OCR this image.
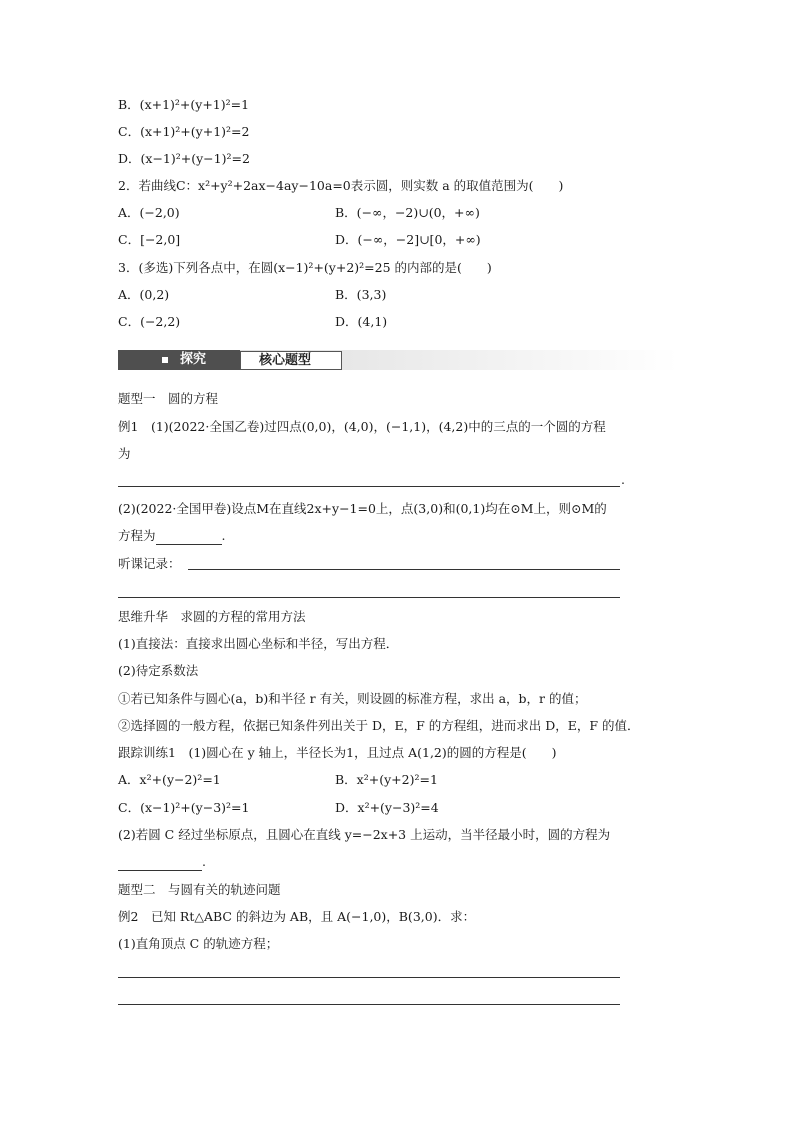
B．(x+1)²+(y+1)²=1
C．(x+1)²+(y+1)²=2
D．(x−1)²+(y−1)²=2
2．若曲线C：x²+y²+2ax−4ay−10a=0表示圆，则实数 a 的取值范围为(　　)
A．(−2,0)	B．(−∞，−2)∪(0，+∞)
C．[−2,0]	D．(−∞，−2]∪[0，+∞)
3．(多选)下列各点中，在圆(x−1)²+(y+2)²=25 的内部的是(　　)
A．(0,2)	B．(3,3)
C．(−2,2)	D．(4,1)
探究	核心题型
题型一　圆的方程
例1　(1)(2022·全国乙卷)过四点(0,0)，(4,0)，(−1,1)，(4,2)中的三点的一个圆的方程
为
.
(2)(2022·全国甲卷)设点M在直线2x+y−1=0上，点(3,0)和(0,1)均在⊙M上，则⊙M的
方程为	.
听课记录：
思维升华　求圆的方程的常用方法
(1)直接法：直接求出圆心坐标和半径，写出方程．
(2)待定系数法
①若已知条件与圆心(a，b)和半径 r 有关，则设圆的标准方程，求出 a，b，r 的值；
②选择圆的一般方程，依据已知条件列出关于 D，E，F 的方程组，进而求出 D，E，F 的值．
跟踪训练1　(1)圆心在 y 轴上，半径长为1，且过点 A(1,2)的圆的方程是(　　)
A．x²+(y−2)²=1	B．x²+(y+2)²=1
C．(x−1)²+(y−3)²=1	D．x²+(y−3)²=4
(2)若圆 C 经过坐标原点，且圆心在直线 y=−2x+3 上运动，当半径最小时，圆的方程为
.
题型二　与圆有关的轨迹问题
例2　已知 Rt△ABC 的斜边为 AB，且 A(−1,0)，B(3,0)．求：
(1)直角顶点 C 的轨迹方程；
